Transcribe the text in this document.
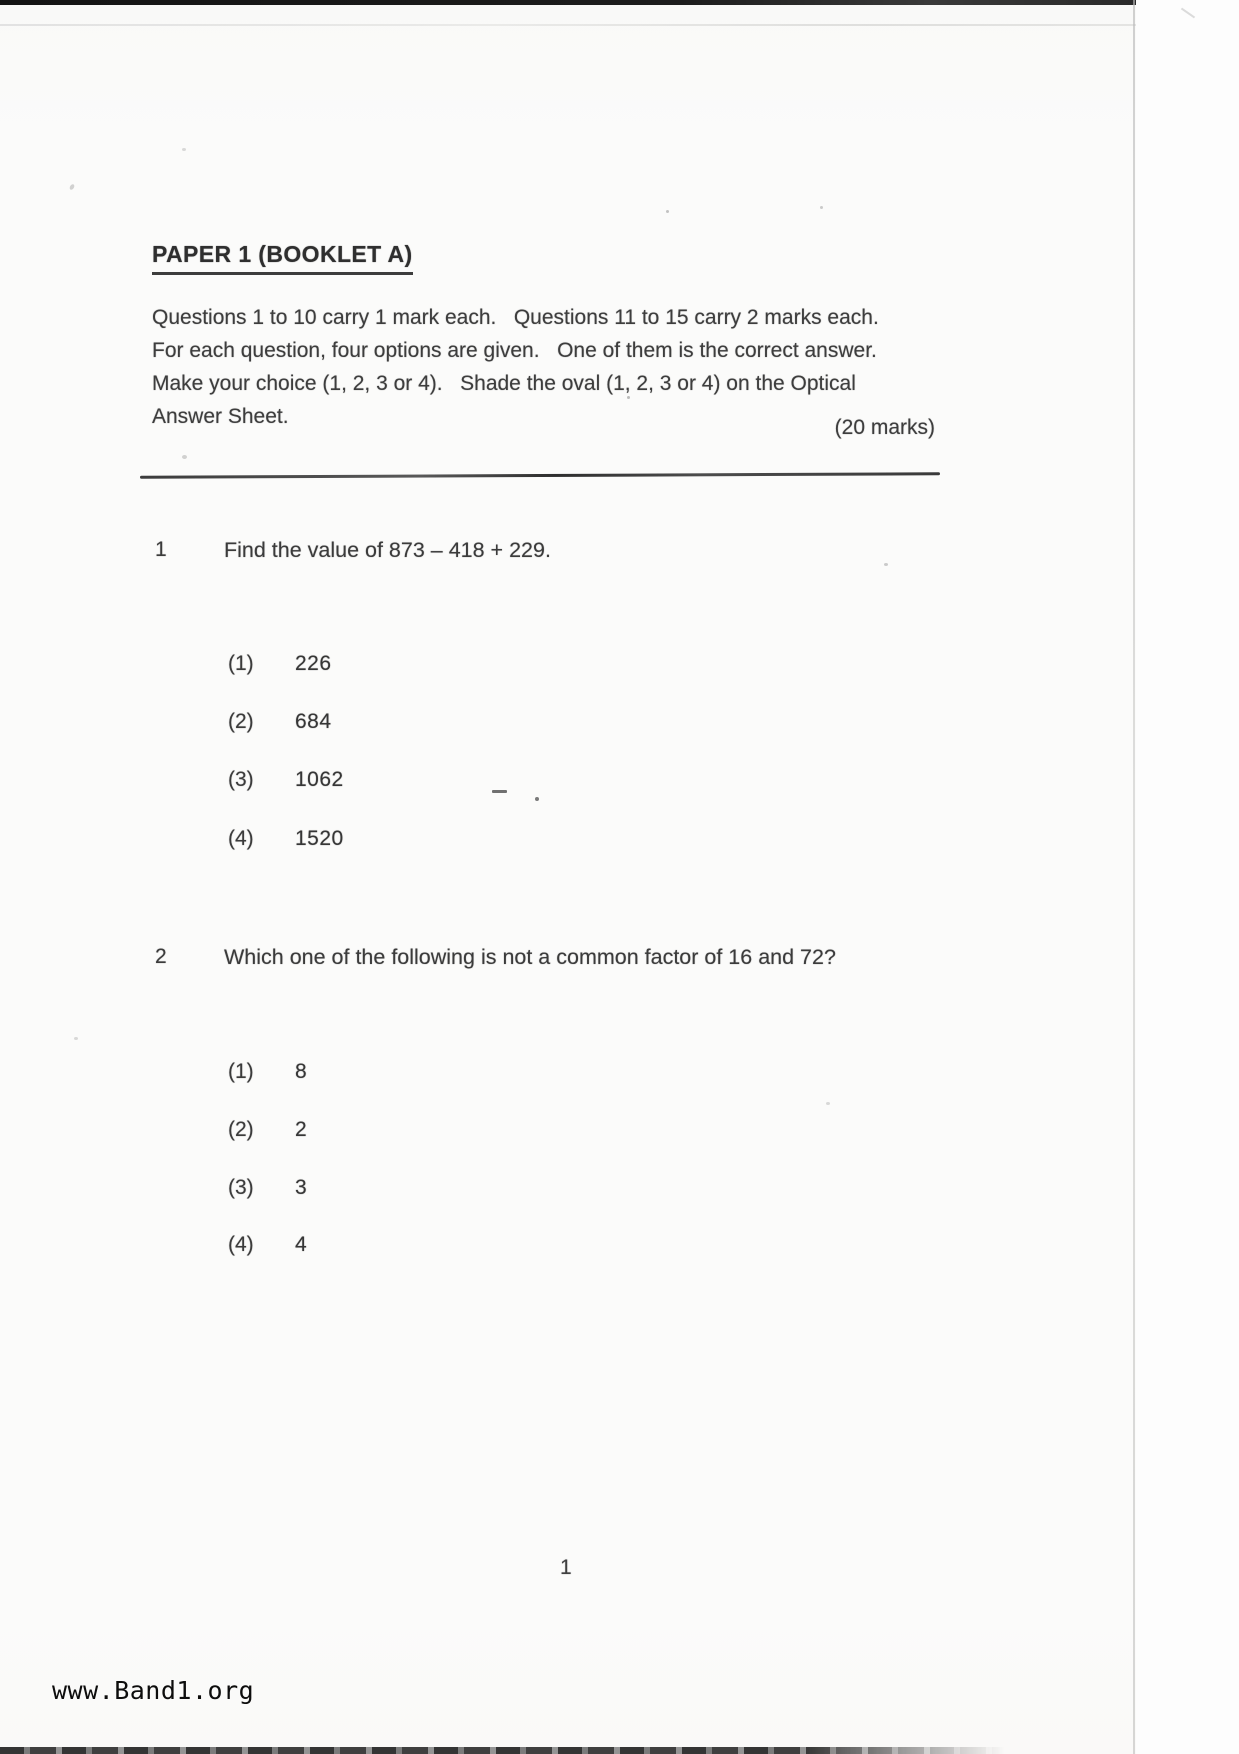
PAPER 1 (BOOKLET A)
Questions 1 to 10 carry 1 mark each.   Questions 11 to 15 carry 2 marks each.
For each question, four options are given.   One of them is the correct answer.
Make your choice (1, 2, 3 or 4).   Shade the oval (1, 2, 3 or 4) on the Optical
Answer Sheet.	(20 marks)
1	Find the value of 873 – 418 + 229.
(1) 226
(2) 684
(3) 1062
(4) 1520
2	Which one of the following is not a common factor of 16 and 72?
(1) 8
(2) 2
(3) 3
(4) 4
1
www.Band1.org
